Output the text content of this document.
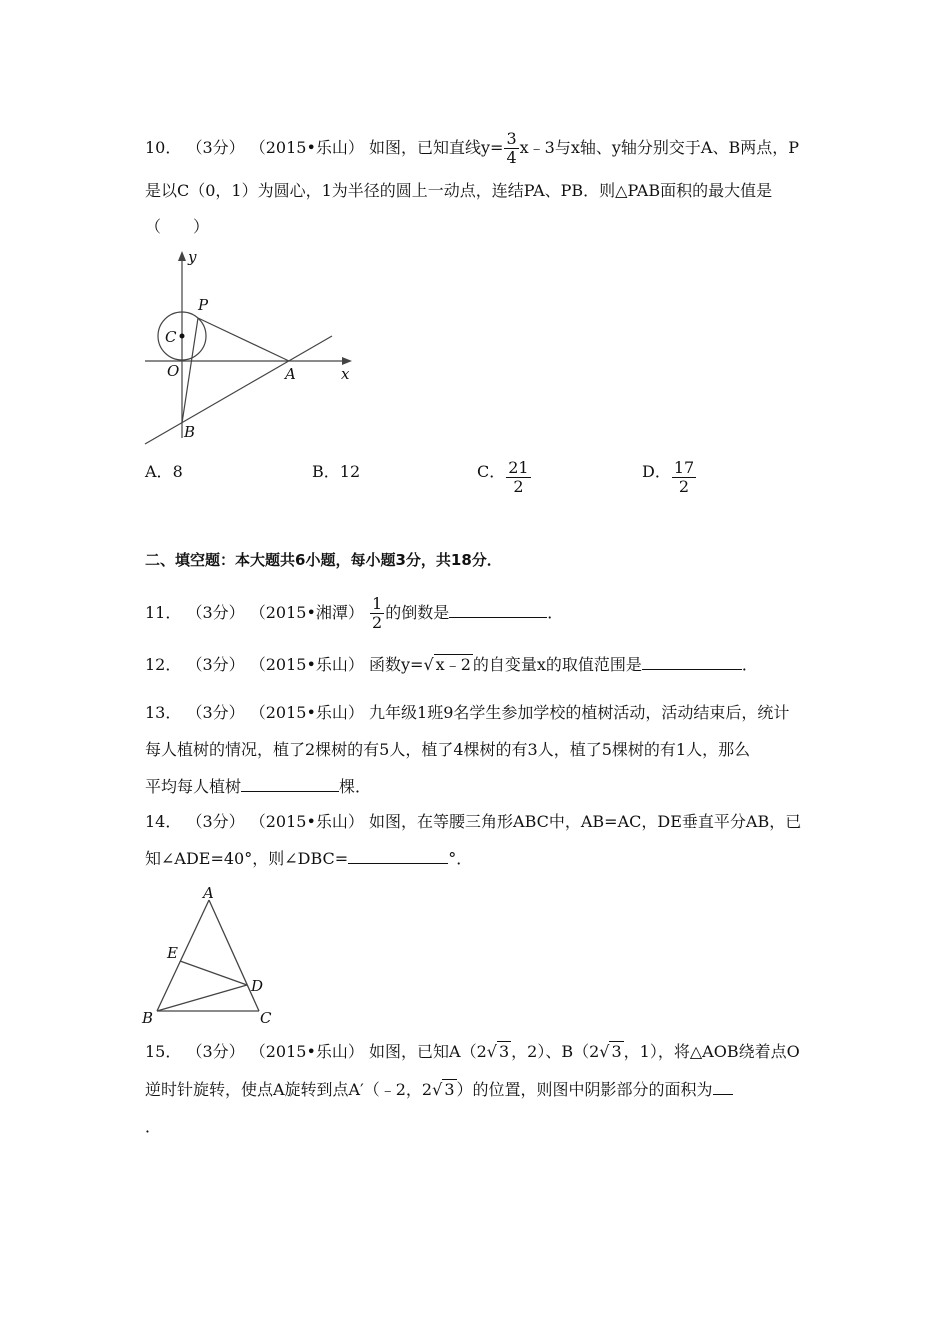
10． （3分） （2015•乐山） 如图，已知直线$y= \frac{3}{4}$ x﹣3与x轴、y轴分别交于A、B两点，P
是以C（0，1）为圆心，1为半径的圆上一动点，连结PA、PB．则△PAB面积的最大值是
（　　）
y
P
C
O	A	x
B
A．8	B．12	C． $\frac{21}{2}$	D． $\frac{17}{2}$
二、填空题：本大题共6小题，每小题3分，共18分．
11． （3分） （2015•湘潭） $\frac{1}{2}$ 的倒数是	．
12． （3分） （2015•乐山） 函数y=√ x﹣2 的自变量x的取值范围是	．
13． （3分） （2015•乐山） 九年级1班9名学生参加学校的植树活动，活动结束后，统计
每人植树的情况，植了2棵树的有5人，植了4棵树的有3人，植了5棵树的有1人，那么
平均每人植树	棵．
14． （3分） （2015•乐山） 如图，在等腰三角形ABC中，AB=AC，DE垂直平分AB，已
知∠ADE=40°，则∠DBC=	°．
A
E
D
B	C
15． （3分） （2015•乐山） 如图，已知A（2√ 3 ，2）、B（2√ 3 ，1），将△AOB绕着点O
逆时针旋转，使点A旋转到点A′（﹣2，2√ 3 ）的位置，则图中阴影部分的面积为
．
